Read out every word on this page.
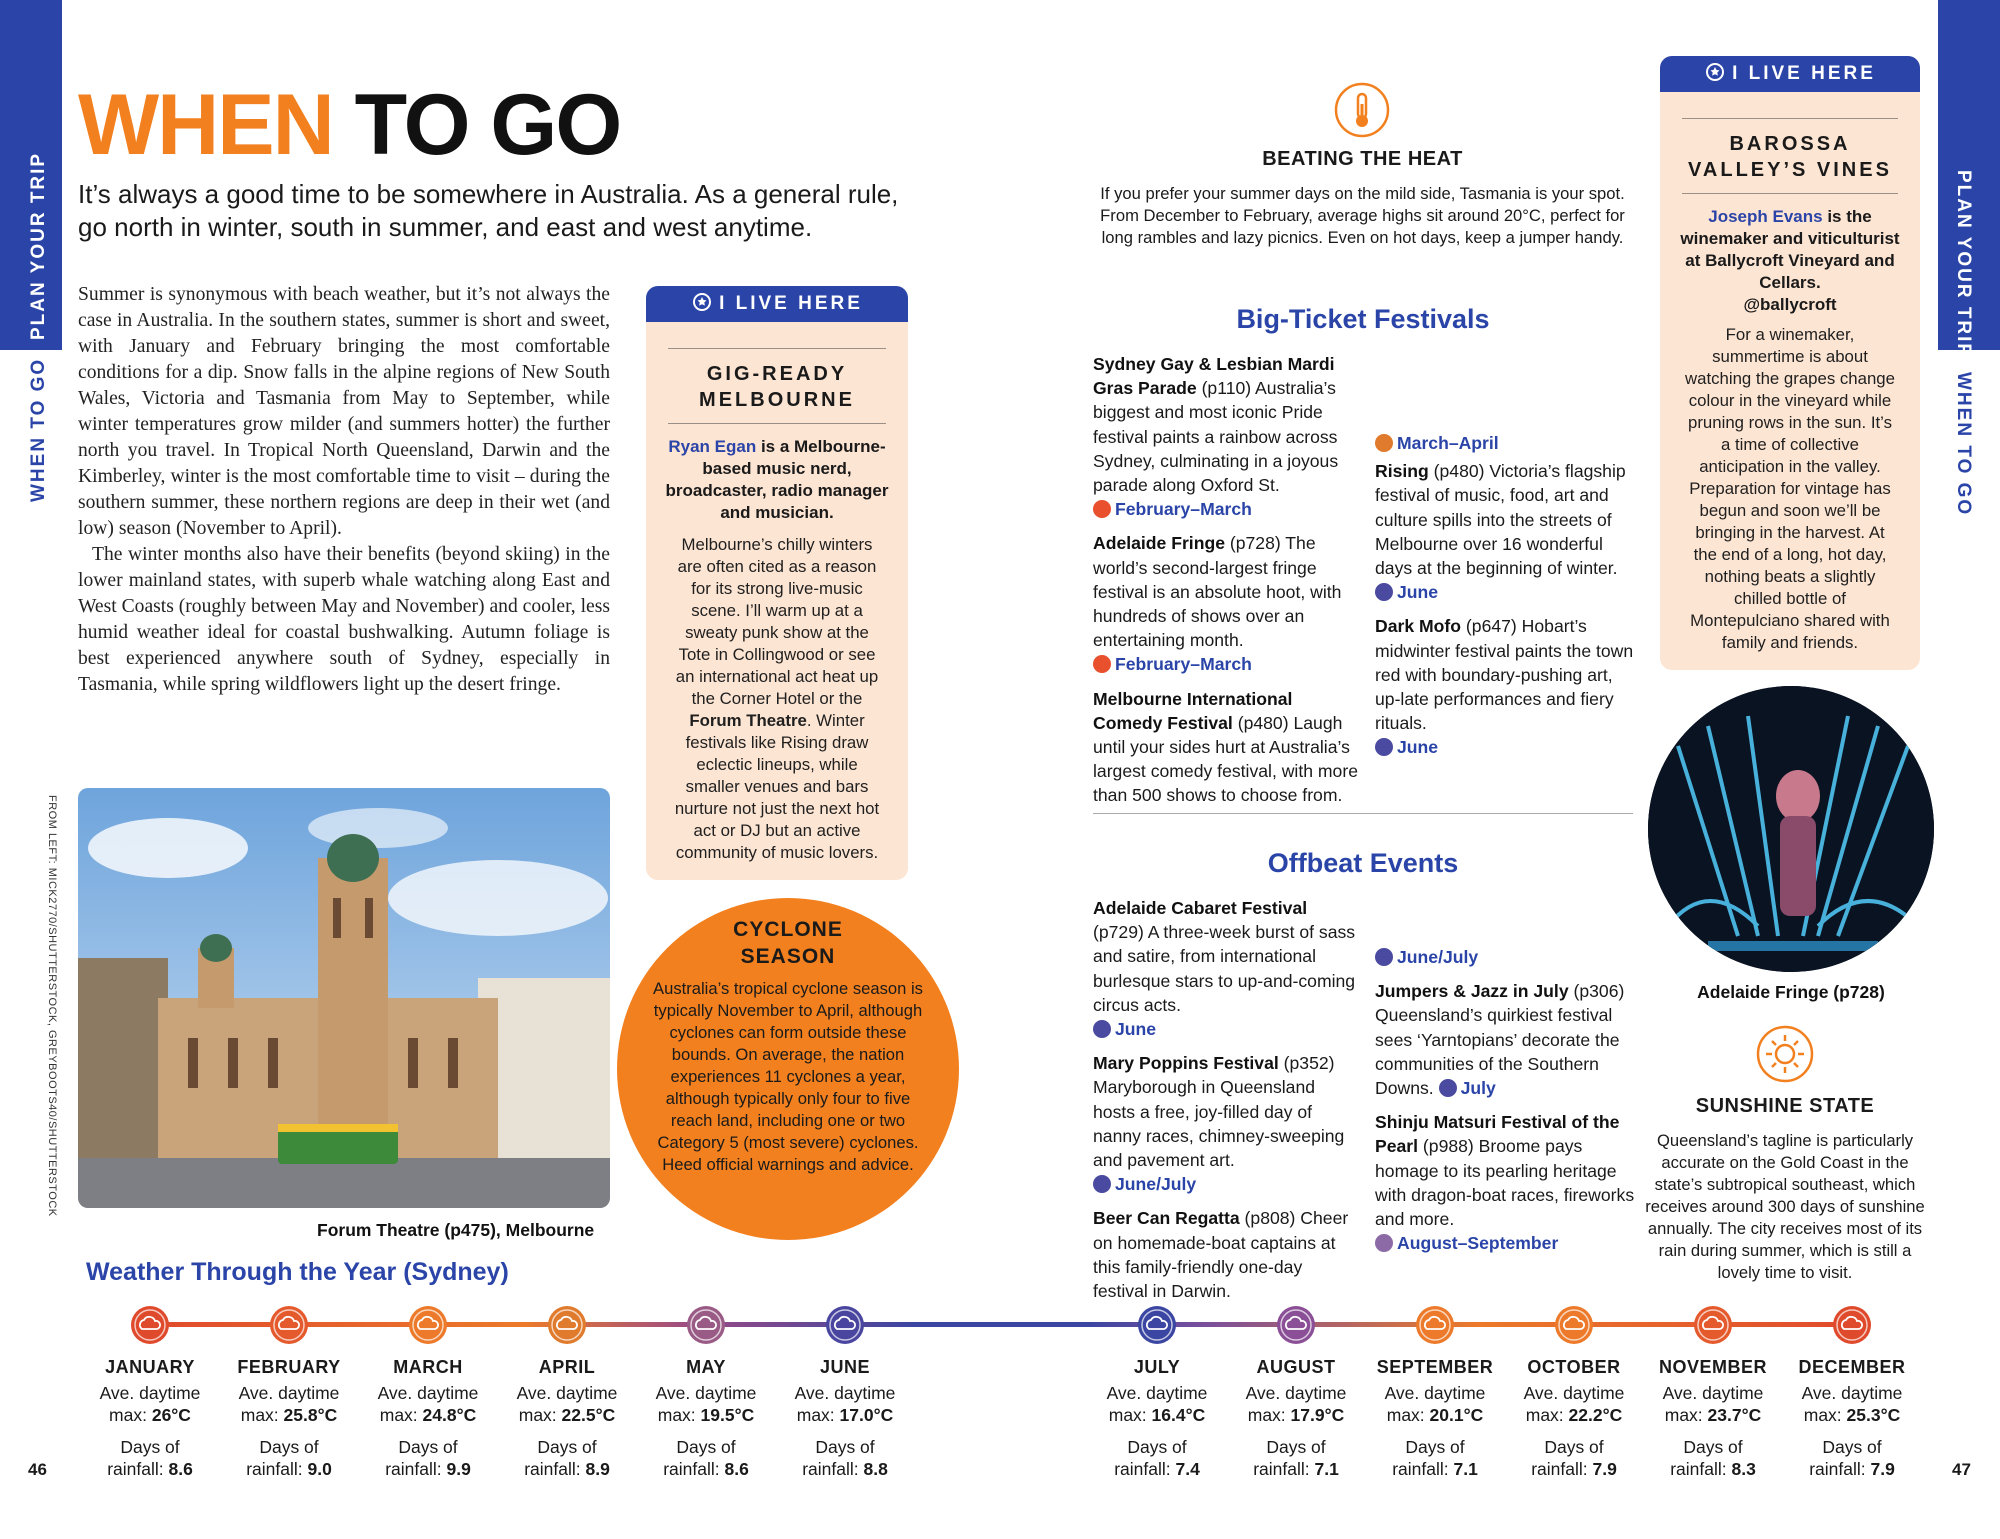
PLAN YOUR TRIP
WHEN TO GO
PLAN YOUR TRIP
WHEN TO GO
WHEN TO GO
It’s always a good time to be somewhere in Australia. As a general rule, go north in winter, south in summer, and east and west anytime.

Summer is synonymous with beach weather, but it’s not always the case in Australia. In the southern states, summer is short and sweet, with January and February bringing the most comfortable conditions for a dip. Snow falls in the alpine regions of New South Wales, Victoria and Tasmania from May to September, while winter temperatures grow milder (and summers hotter) the further north you travel. In Tropical North Queensland, Darwin and the Kimberley, winter is the most comfortable time to visit – during the southern summer, these northern regions are deep in their wet (and low) season (November to April).

The winter months also have their benefits (beyond skiing) in the lower mainland states, with superb whale watching along East and West Coasts (roughly between May and November) and cooler, less humid weather ideal for coastal bushwalking. Autumn foliage is best experienced anywhere south of Sydney, especially in Tasmania, while spring wildflowers light up the desert fringe.

FROM LEFT: MICK2770/SHUTTERSTOCK, GREYBOOTS40/SHUTTERSTOCK
Forum Theatre (p475), Melbourne
I LIVE HERE
GIG-READY
MELBOURNE
Ryan Egan is a Melbourne-based music nerd, broadcaster, radio manager and musician.
Melbourne’s chilly winters are often cited as a reason for its strong live-music scene. I’ll warm up at a sweaty punk show at the Tote in Collingwood or see an international act heat up the Corner Hotel or the Forum Theatre. Winter festivals like Rising draw eclectic lineups, while smaller venues and bars nurture not just the next hot act or DJ but an active community of music lovers.
CYCLONE
SEASON
Australia’s tropical cyclone season is typically November to April, although cyclones can form outside these bounds. On average, the nation experiences 11 cyclones a year, although typically only four to five reach land, including one or two Category 5 (most severe) cyclones. Heed official warnings and advice.
BEATING THE HEAT
If you prefer your summer days on the mild side, Tasmania is your spot. From December to February, average highs sit around 20°C, perfect for long rambles and lazy picnics. Even on hot days, keep a jumper handy.
Big-Ticket Festivals
Sydney Gay & Lesbian Mardi Gras Parade (p110) Australia’s biggest and most iconic Pride festival paints a rainbow across Sydney, culminating in a joyous parade along Oxford St.
February–March
Adelaide Fringe (p728) The world’s second-largest fringe festival is an absolute hoot, with hundreds of shows over an entertaining month.
February–March
Melbourne International Comedy Festival (p480) Laugh until your sides hurt at Australia’s largest comedy festival, with more than 500 shows to choose from.
March–April
Rising (p480) Victoria’s flagship festival of music, food, art and culture spills into the streets of Melbourne over 16 wonderful days at the beginning of winter. June
Dark Mofo (p647) Hobart’s midwinter festival paints the town red with boundary-pushing art, up-late performances and fiery rituals.
June
Offbeat Events
Adelaide Cabaret Festival (p729) A three-week burst of sass and satire, from international burlesque stars to up-and-coming circus acts.
June
Mary Poppins Festival (p352) Maryborough in Queensland hosts a free, joy-filled day of nanny races, chimney-sweeping and pavement art.
June/July
Beer Can Regatta (p808) Cheer on homemade-boat captains at this family-friendly one-day festival in Darwin.
June/July
Jumpers & Jazz in July (p306) Queensland’s quirkiest festival sees ‘Yarntopians’ decorate the communities of the Southern Downs. July
Shinju Matsuri Festival of the Pearl (p988) Broome pays homage to its pearling heritage with dragon-boat races, fireworks and more.
August–September
I LIVE HERE
BAROSSA
VALLEY’S VINES
Joseph Evans is the winemaker and viticulturist at Ballycroft Vineyard and Cellars.
@ballycroft
For a winemaker, summertime is about watching the grapes change colour in the vineyard while pruning rows in the sun. It’s a time of collective anticipation in the valley. Preparation for vintage has begun and soon we’ll be bringing in the harvest. At the end of a long, hot day, nothing beats a slightly chilled bottle of Montepulciano shared with family and friends.
Adelaide Fringe (p728)
SUNSHINE STATE
Queensland’s tagline is particularly accurate on the Gold Coast in the state’s subtropical southeast, which receives around 300 days of sunshine annually. The city receives most of its rain during summer, which is still a lovely time to visit.
Weather Through the Year (Sydney)
JANUARY
Ave. daytime
max: 26°C
Days of
rainfall: 8.6
FEBRUARY
Ave. daytime
max: 25.8°C
Days of
rainfall: 9.0
MARCH
Ave. daytime
max: 24.8°C
Days of
rainfall: 9.9
APRIL
Ave. daytime
max: 22.5°C
Days of
rainfall: 8.9
MAY
Ave. daytime
max: 19.5°C
Days of
rainfall: 8.6
JUNE
Ave. daytime
max: 17.0°C
Days of
rainfall: 8.8
JULY
Ave. daytime
max: 16.4°C
Days of
rainfall: 7.4
AUGUST
Ave. daytime
max: 17.9°C
Days of
rainfall: 7.1
SEPTEMBER
Ave. daytime
max: 20.1°C
Days of
rainfall: 7.1
OCTOBER
Ave. daytime
max: 22.2°C
Days of
rainfall: 7.9
NOVEMBER
Ave. daytime
max: 23.7°C
Days of
rainfall: 8.3
DECEMBER
Ave. daytime
max: 25.3°C
Days of
rainfall: 7.9
46	47
